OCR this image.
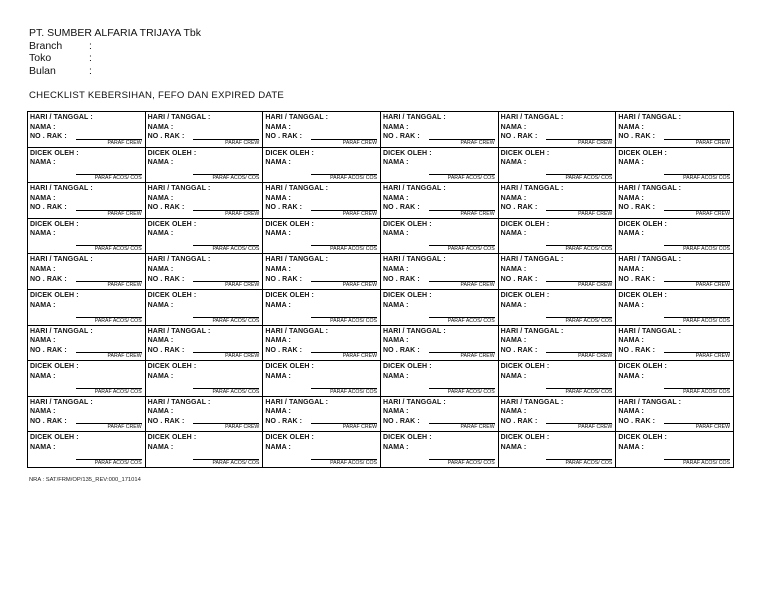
PT. SUMBER ALFARIA TRIJAYA Tbk
Branch	:
Toko	:
Bulan	:
CHECKLIST KEBERSIHAN, FEFO DAN EXPIRED DATE
HARI / TANGGAL :
NAMA :
NO . RAK :
PARAF CREW
DICEK OLEH :
NAMA :
PARAF ACOS/ COS
HARI / TANGGAL :
NAMA :
NO . RAK :
PARAF CREW
DICEK OLEH :
NAMA :
PARAF ACOS/ COS
HARI / TANGGAL :
NAMA :
NO . RAK :
PARAF CREW
DICEK OLEH :
NAMA :
PARAF ACOS/ COS
HARI / TANGGAL :
NAMA :
NO . RAK :
PARAF CREW
DICEK OLEH :
NAMA :
PARAF ACOS/ COS
HARI / TANGGAL :
NAMA :
NO . RAK :
PARAF CREW
DICEK OLEH :
NAMA :
PARAF ACOS/ COS
HARI / TANGGAL :
NAMA :
NO . RAK :
PARAF CREW
DICEK OLEH :
NAMA :
PARAF ACOS/ COS
HARI / TANGGAL :
NAMA :
NO . RAK :
PARAF CREW
DICEK OLEH :
NAMA :
PARAF ACOS/ COS
HARI / TANGGAL :
NAMA :
NO . RAK :
PARAF CREW
DICEK OLEH :
NAMA :
PARAF ACOS/ COS
HARI / TANGGAL :
NAMA :
NO . RAK :
PARAF CREW
DICEK OLEH :
NAMA :
PARAF ACOS/ COS
HARI / TANGGAL :
NAMA :
NO . RAK :
PARAF CREW
DICEK OLEH :
NAMA :
PARAF ACOS/ COS
HARI / TANGGAL :
NAMA :
NO . RAK :
PARAF CREW
DICEK OLEH :
NAMA :
PARAF ACOS/ COS
HARI / TANGGAL :
NAMA :
NO . RAK :
PARAF CREW
DICEK OLEH :
NAMA :
PARAF ACOS/ COS
HARI / TANGGAL :
NAMA :
NO . RAK :
PARAF CREW
DICEK OLEH :
NAMA :
PARAF ACOS/ COS
HARI / TANGGAL :
NAMA :
NO . RAK :
PARAF CREW
DICEK OLEH :
NAMA :
PARAF ACOS/ COS
HARI / TANGGAL :
NAMA :
NO . RAK :
PARAF CREW
DICEK OLEH :
NAMA :
PARAF ACOS/ COS
HARI / TANGGAL :
NAMA :
NO . RAK :
PARAF CREW
DICEK OLEH :
NAMA :
PARAF ACOS/ COS
HARI / TANGGAL :
NAMA :
NO . RAK :
PARAF CREW
DICEK OLEH :
NAMA :
PARAF ACOS/ COS
HARI / TANGGAL :
NAMA :
NO . RAK :
PARAF CREW
DICEK OLEH :
NAMA :
PARAF ACOS/ COS
HARI / TANGGAL :
NAMA :
NO . RAK :
PARAF CREW
DICEK OLEH :
NAMA :
PARAF ACOS/ COS
HARI / TANGGAL :
NAMA :
NO . RAK :
PARAF CREW
DICEK OLEH :
NAMA :
PARAF ACOS/ COS
HARI / TANGGAL :
NAMA :
NO . RAK :
PARAF CREW
DICEK OLEH :
NAMA :
PARAF ACOS/ COS
HARI / TANGGAL :
NAMA :
NO . RAK :
PARAF CREW
DICEK OLEH :
NAMA :
PARAF ACOS/ COS
HARI / TANGGAL :
NAMA :
NO . RAK :
PARAF CREW
DICEK OLEH :
NAMA :
PARAF ACOS/ COS
HARI / TANGGAL :
NAMA :
NO . RAK :
PARAF CREW
DICEK OLEH :
NAMA :
PARAF ACOS/ COS
HARI / TANGGAL :
NAMA :
NO . RAK :
PARAF CREW
DICEK OLEH :
NAMA :
PARAF ACOS/ COS
HARI / TANGGAL :
NAMA :
NO . RAK :
PARAF CREW
DICEK OLEH :
NAMA :
PARAF ACOS/ COS
HARI / TANGGAL :
NAMA :
NO . RAK :
PARAF CREW
DICEK OLEH :
NAMA :
PARAF ACOS/ COS
HARI / TANGGAL :
NAMA :
NO . RAK :
PARAF CREW
DICEK OLEH :
NAMA :
PARAF ACOS/ COS
HARI / TANGGAL :
NAMA :
NO . RAK :
PARAF CREW
DICEK OLEH :
NAMA :
PARAF ACOS/ COS
HARI / TANGGAL :
NAMA :
NO . RAK :
PARAF CREW
DICEK OLEH :
NAMA :
PARAF ACOS/ COS
NRA : SAT/FRM/OP/135_REV:000_171014
